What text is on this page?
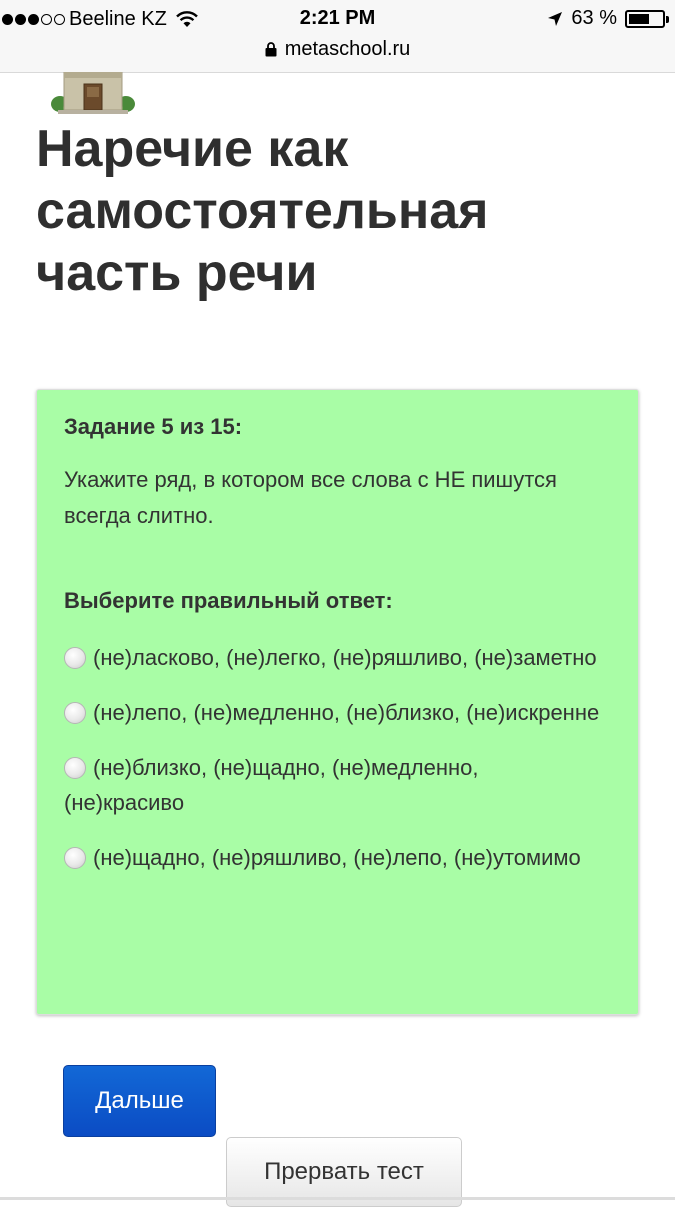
Beeline KZ	2:21 PM	63 %
metaschool.ru
Наречие как самостоятельная часть речи
Задание 5 из 15:
Укажите ряд, в котором все слова с НЕ пишутся всегда слитно.
Выберите правильный ответ:
(не)ласково, (не)легко, (не)ряшливо, (не)заметно
(не)лепо, (не)медленно, (не)близко, (не)искренне
(не)близко, (не)щадно, (не)медленно, (не)красиво
(не)щадно, (не)ряшливо, (не)лепо, (не)утомимо
Дальше
Прервать тест
